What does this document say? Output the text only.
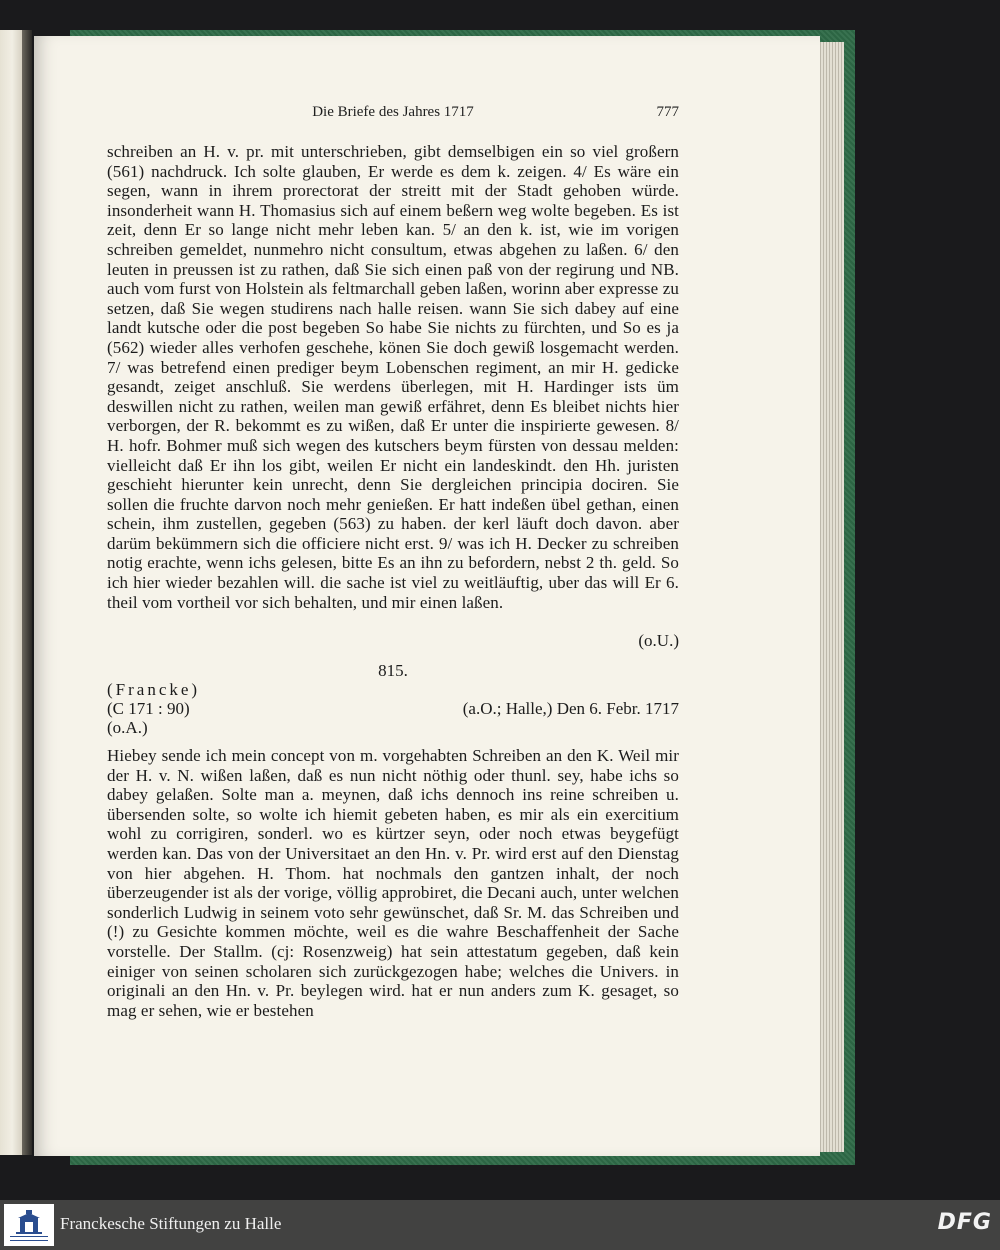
Die Briefe des Jahres 1717	777
schreiben an H. v. pr. mit unterschrieben, gibt demselbigen ein so viel großern (561) nachdruck. Ich solte glauben, Er werde es dem k. zeigen. 4/ Es wäre ein segen, wann in ihrem prorectorat der streitt mit der Stadt gehoben würde. insonderheit wann H. Thomasius sich auf einem beßern weg wolte begeben. Es ist zeit, denn Er so lange nicht mehr leben kan. 5/ an den k. ist, wie im vorigen schreiben gemeldet, nunmehro nicht consultum, etwas abgehen zu laßen. 6/ den leuten in preussen ist zu rathen, daß Sie sich einen paß von der regirung und NB. auch vom furst von Holstein als feltmarchall geben laßen, worinn aber expresse zu setzen, daß Sie wegen studirens nach halle reisen. wann Sie sich dabey auf eine landt kutsche oder die post begeben So habe Sie nichts zu fürchten, und So es ja (562) wieder alles verhofen geschehe, könen Sie doch gewiß losgemacht werden. 7/ was betrefend einen prediger beym Lobenschen regiment, an mir H. gedicke gesandt, zeiget anschluß. Sie werdens überlegen, mit H. Hardinger ists üm deswillen nicht zu rathen, weilen man gewiß erfähret, denn Es bleibet nichts hier verborgen, der R. bekommt es zu wißen, daß Er unter die inspirierte gewesen. 8/ H. hofr. Bohmer muß sich wegen des kutschers beym fürsten von dessau melden: vielleicht daß Er ihn los gibt, weilen Er nicht ein landeskindt. den Hh. juristen geschieht hierunter kein unrecht, denn Sie dergleichen principia dociren. Sie sollen die fruchte darvon noch mehr genießen. Er hatt indeßen übel gethan, einen schein, ihm zustellen, gegeben (563) zu haben. der kerl läuft doch davon. aber darüm bekümmern sich die officiere nicht erst. 9/ was ich H. Decker zu schreiben notig erachte, wenn ichs gelesen, bitte Es an ihn zu befordern, nebst 2 th. geld. So ich hier wieder bezahlen will. die sache ist viel zu weitläuftig, uber das will Er 6. theil vom vortheil vor sich behalten, und mir einen laßen.
(o.U.)
815.
(Francke)
(C 171 : 90)	(a.O.; Halle,) Den 6. Febr. 1717
(o.A.)
Hiebey sende ich mein concept von m. vorgehabten Schreiben an den K. Weil mir der H. v. N. wißen laßen, daß es nun nicht nöthig oder thunl. sey, habe ichs so dabey gelaßen. Solte man a. meynen, daß ichs dennoch ins reine schreiben u. übersenden solte, so wolte ich hiemit gebeten haben, es mir als ein exercitium wohl zu corrigiren, sonderl. wo es kürtzer seyn, oder noch etwas beygefügt werden kan. Das von der Universitaet an den Hn. v. Pr. wird erst auf den Dienstag von hier abgehen. H. Thom. hat nochmals den gantzen inhalt, der noch überzeugender ist als der vorige, völlig approbiret, die Decani auch, unter welchen sonderlich Ludwig in seinem voto sehr gewünschet, daß Sr. M. das Schreiben und (!) zu Gesichte kommen möchte, weil es die wahre Beschaffenheit der Sache vorstelle. Der Stallm. (cj: Rosenzweig) hat sein attestatum gegeben, daß kein einiger von seinen scholaren sich zurückgezogen habe; welches die Univers. in originali an den Hn. v. Pr. beylegen wird. hat er nun anders zum K. gesaget, so mag er sehen, wie er bestehen
Franckesche Stiftungen zu Halle	DFG
